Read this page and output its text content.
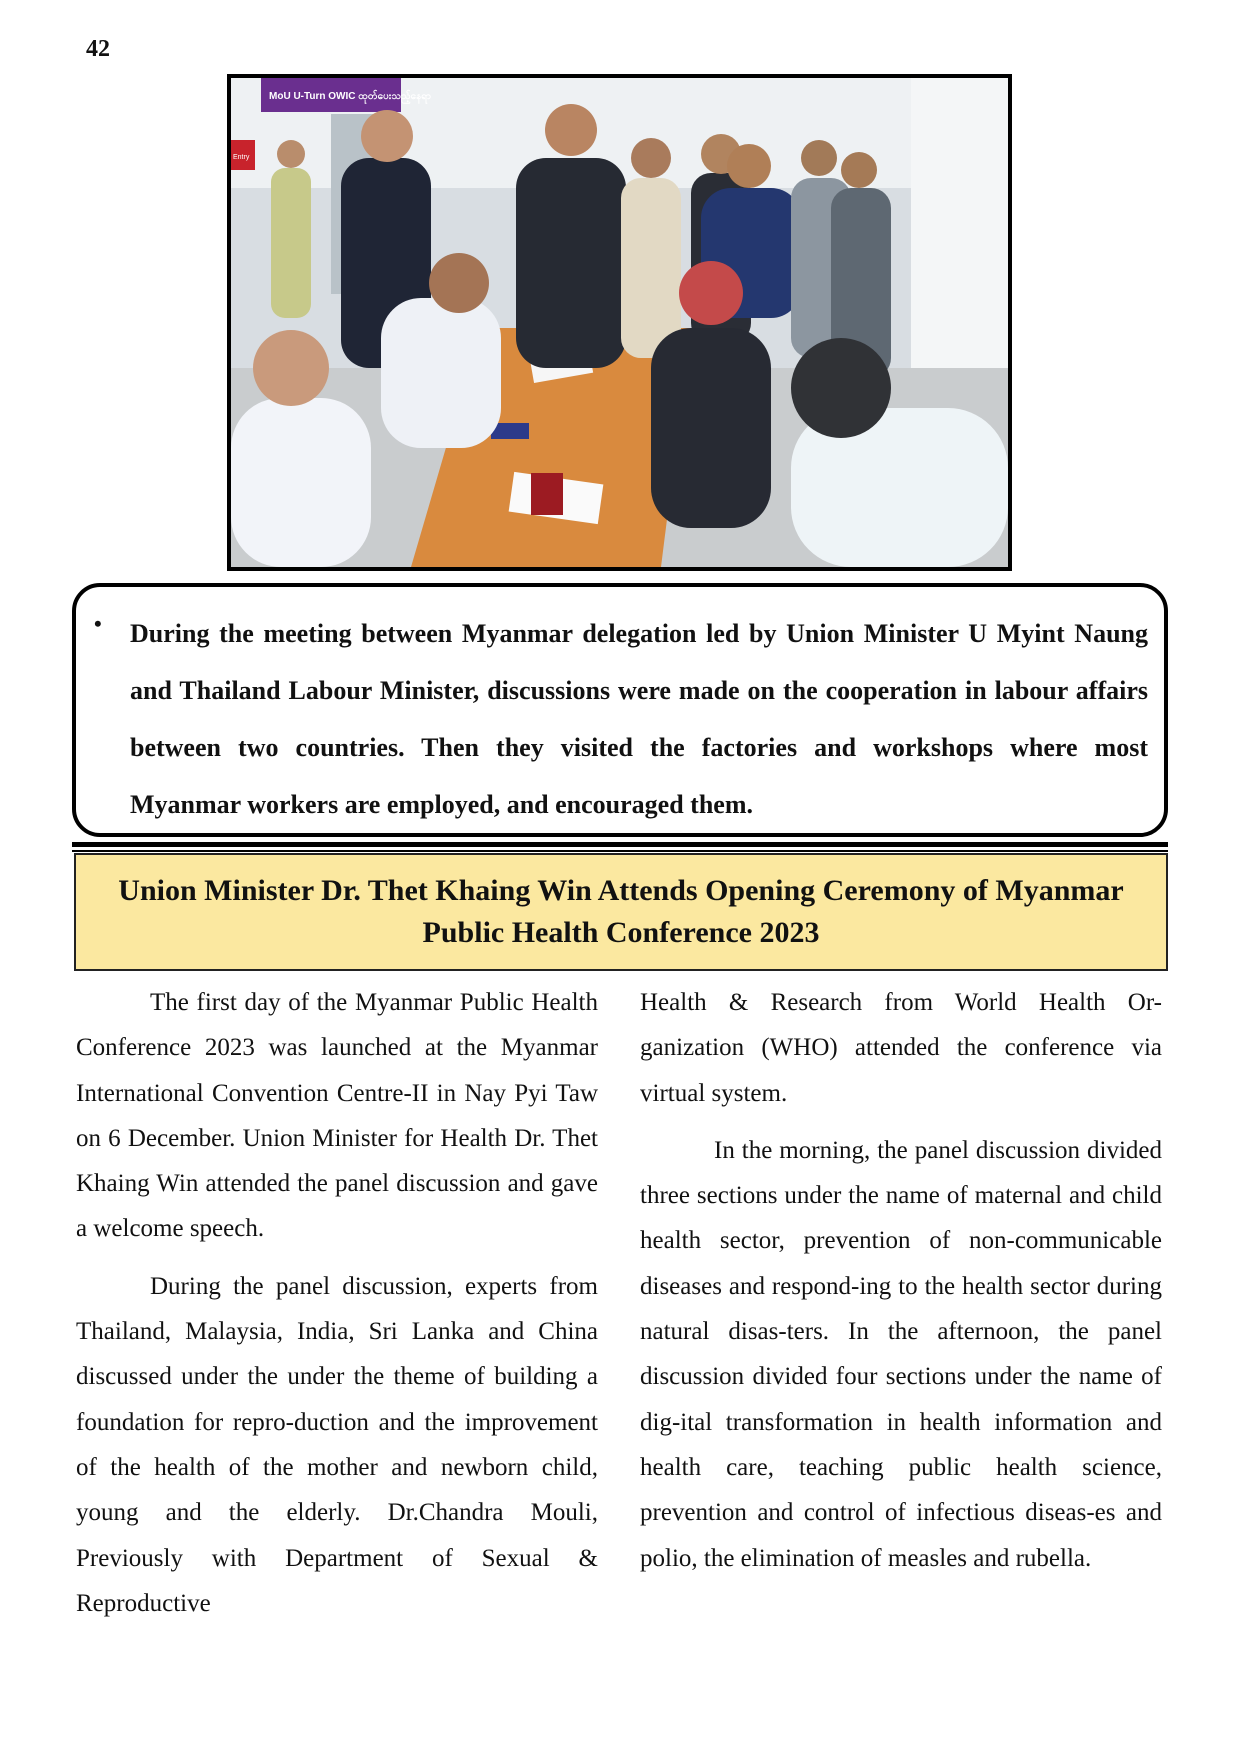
42
MoU U-Turn OWIC ထုတ်ပေးသည့်နေရာ
Entry
• During the meeting between Myanmar delegation led by Union Minister U Myint Naung and Thailand Labour Minister, discussions were made on the cooperation in labour affairs between two countries. Then they visited the factories and workshops where most Myanmar workers are employed, and encouraged them.

Union Minister Dr. Thet Khaing Win Attends Opening Ceremony of Myanmar Public Health Conference 2023

The first day of the Myanmar Public Health Conference 2023 was launched at the Myanmar International Convention Centre-II in Nay Pyi Taw on 6 December. Union Minister for Health Dr. Thet Khaing Win attended the panel discussion and gave a welcome speech.

During the panel discussion, experts from Thailand, Malaysia, India, Sri Lanka and China discussed under the under the theme of building a foundation for repro-duction and the improvement of the health of the mother and newborn child, young and the elderly. Dr.Chandra Mouli, Previously with Department of Sexual & Reproductive

Health & Research from World Health Or-ganization (WHO) attended the conference via virtual system.

In the morning, the panel discussion divided three sections under the name of maternal and child health sector, prevention of non-communicable diseases and respond-ing to the health sector during natural disas-ters. In the afternoon, the panel discussion divided four sections under the name of dig-ital transformation in health information and health care, teaching public health science, prevention and control of infectious diseas-es and polio, the elimination of measles and rubella.
